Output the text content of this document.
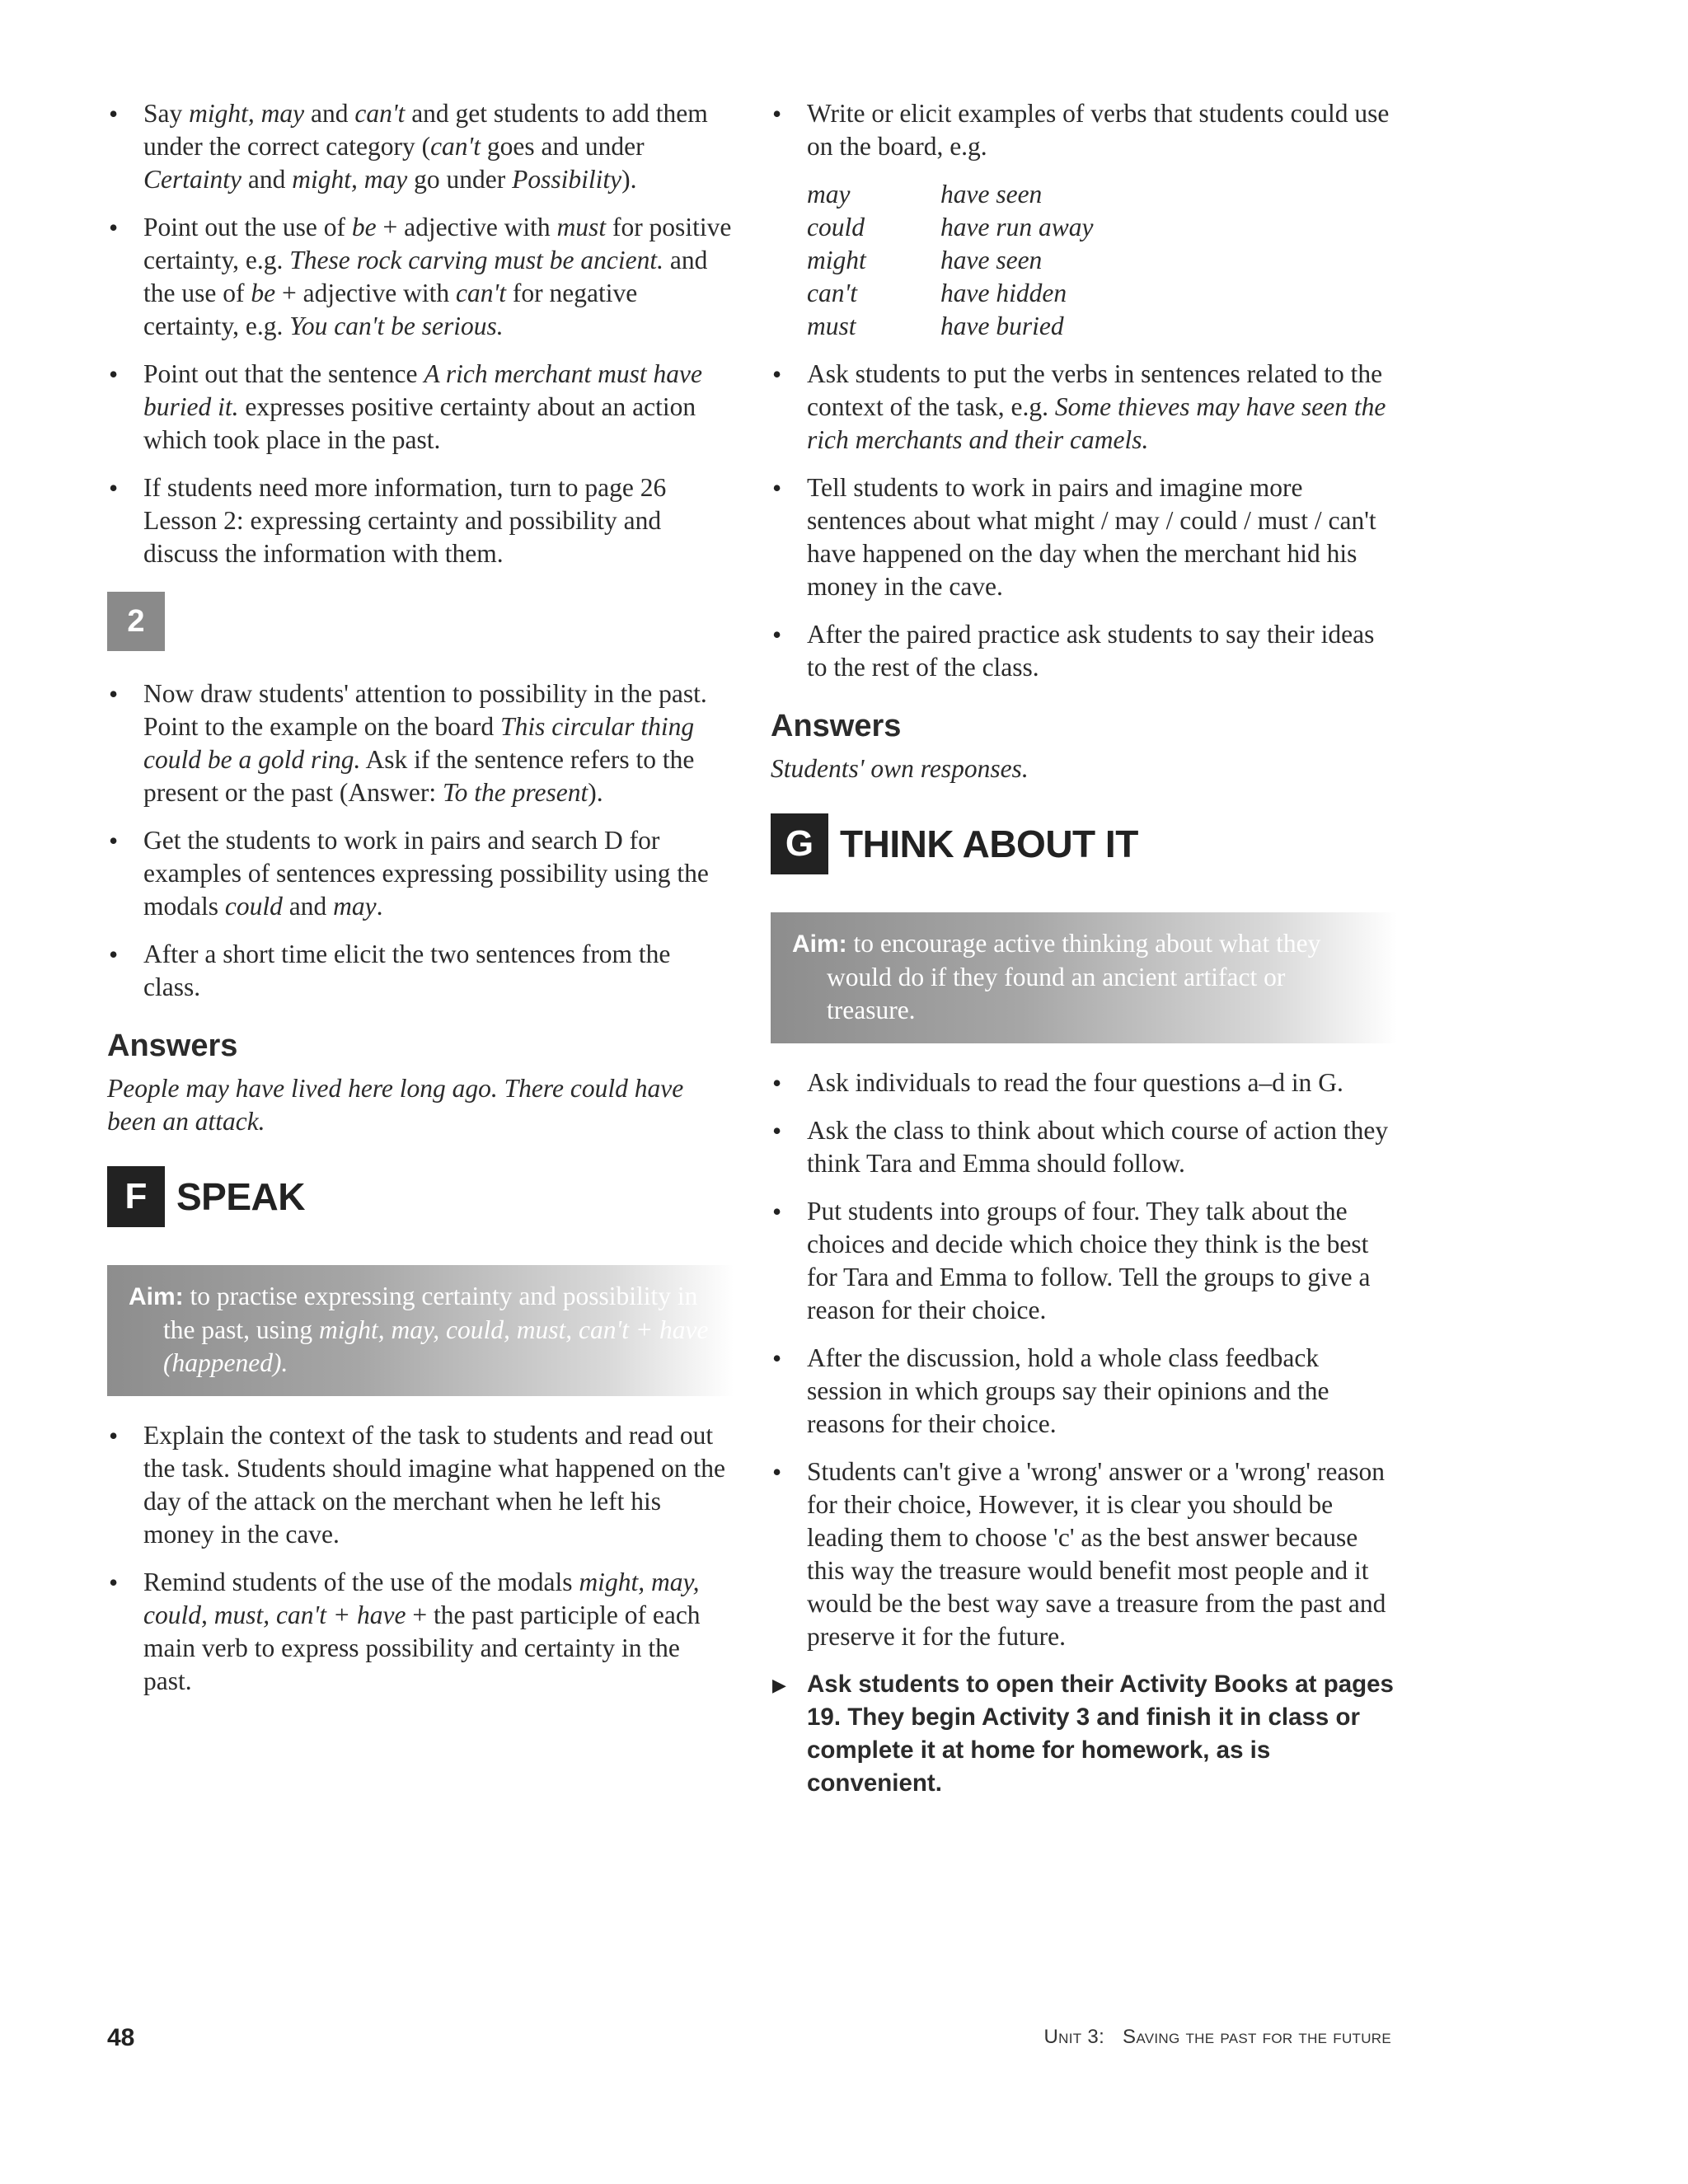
• Say might, may and can't and get students to add them under the correct category (can't goes and under Certainty and might, may go under Possibility).
• Point out the use of be + adjective with must for positive certainty, e.g. These rock carving must be ancient. and the use of be + adjective with can't for negative certainty, e.g. You can't be serious.
• Point out that the sentence A rich merchant must have buried it. expresses positive certainty about an action which took place in the past.
• If students need more information, turn to page 26 Lesson 2: expressing certainty and possibility and discuss the information with them.
2
• Now draw students' attention to possibility in the past. Point to the example on the board This circular thing could be a gold ring. Ask if the sentence refers to the present or the past (Answer: To the present).
• Get the students to work in pairs and search D for examples of sentences expressing possibility using the modals could and may.
• After a short time elicit the two sentences from the class.
Answers
People may have lived here long ago. There could have been an attack.
F SPEAK
Aim: to practise expressing certainty and possibility in the past, using might, may, could, must, can't + have (happened).
• Explain the context of the task to students and read out the task. Students should imagine what happened on the day of the attack on the merchant when he left his money in the cave.
• Remind students of the use of the modals might, may, could, must, can't + have + the past participle of each main verb to express possibility and certainty in the past.
• Write or elicit examples of verbs that students could use on the board, e.g.
may	have seen
could	have run away
might	have seen
can't	have hidden
must	have buried
• Ask students to put the verbs in sentences related to the context of the task, e.g. Some thieves may have seen the rich merchants and their camels.
• Tell students to work in pairs and imagine more sentences about what might / may / could / must / can't have happened on the day when the merchant hid his money in the cave.
• After the paired practice ask students to say their ideas to the rest of the class.
Answers
Students' own responses.
G THINK ABOUT IT
Aim: to encourage active thinking about what they would do if they found an ancient artifact or treasure.
• Ask individuals to read the four questions a–d in G.
• Ask the class to think about which course of action they think Tara and Emma should follow.
• Put students into groups of four. They talk about the choices and decide which choice they think is the best for Tara and Emma to follow. Tell the groups to give a reason for their choice.
• After the discussion, hold a whole class feedback session in which groups say their opinions and the reasons for their choice.
• Students can't give a 'wrong' answer or a 'wrong' reason for their choice, However, it is clear you should be leading them to choose 'c' as the best answer because this way the treasure would benefit most people and it would be the best way save a treasure from the past and preserve it for the future.
▶ Ask students to open their Activity Books at pages 19. They begin Activity 3 and finish it in class or complete it at home for homework, as is convenient.
48	Unit 3: Saving the past for the future
